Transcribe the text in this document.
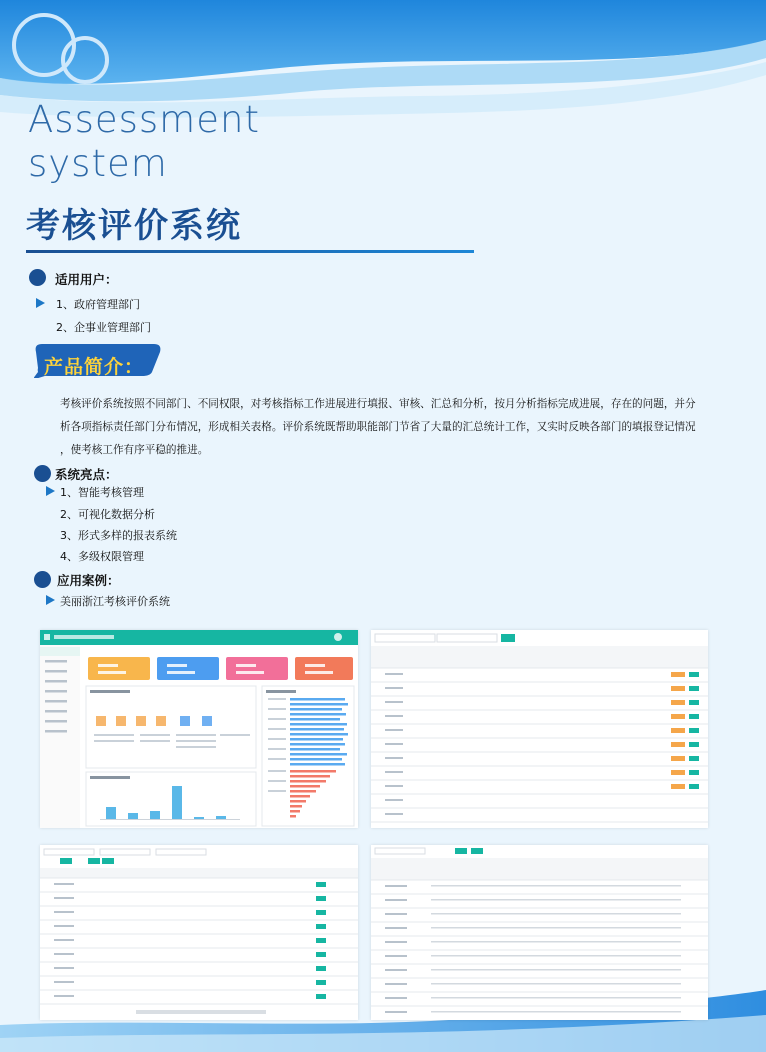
Assessment
system
考核评价系统
适用用户：
1、政府管理部门
2、企事业管理部门
产品简介：
考核评价系统按照不同部门、不同权限，对考核指标工作进展进行填报、审核、汇总和分析，按月分析指标完成进展，存在的问题，并分
析各项指标责任部门分布情况，形成相关表格。评价系统既帮助职能部门节省了大量的汇总统计工作，又实时反映各部门的填报登记情况
，使考核工作有序平稳的推进。
系统亮点：
1、智能考核管理
2、可视化数据分析
3、形式多样的报表系统
4、多级权限管理
应用案例：
美丽浙江考核评价系统
